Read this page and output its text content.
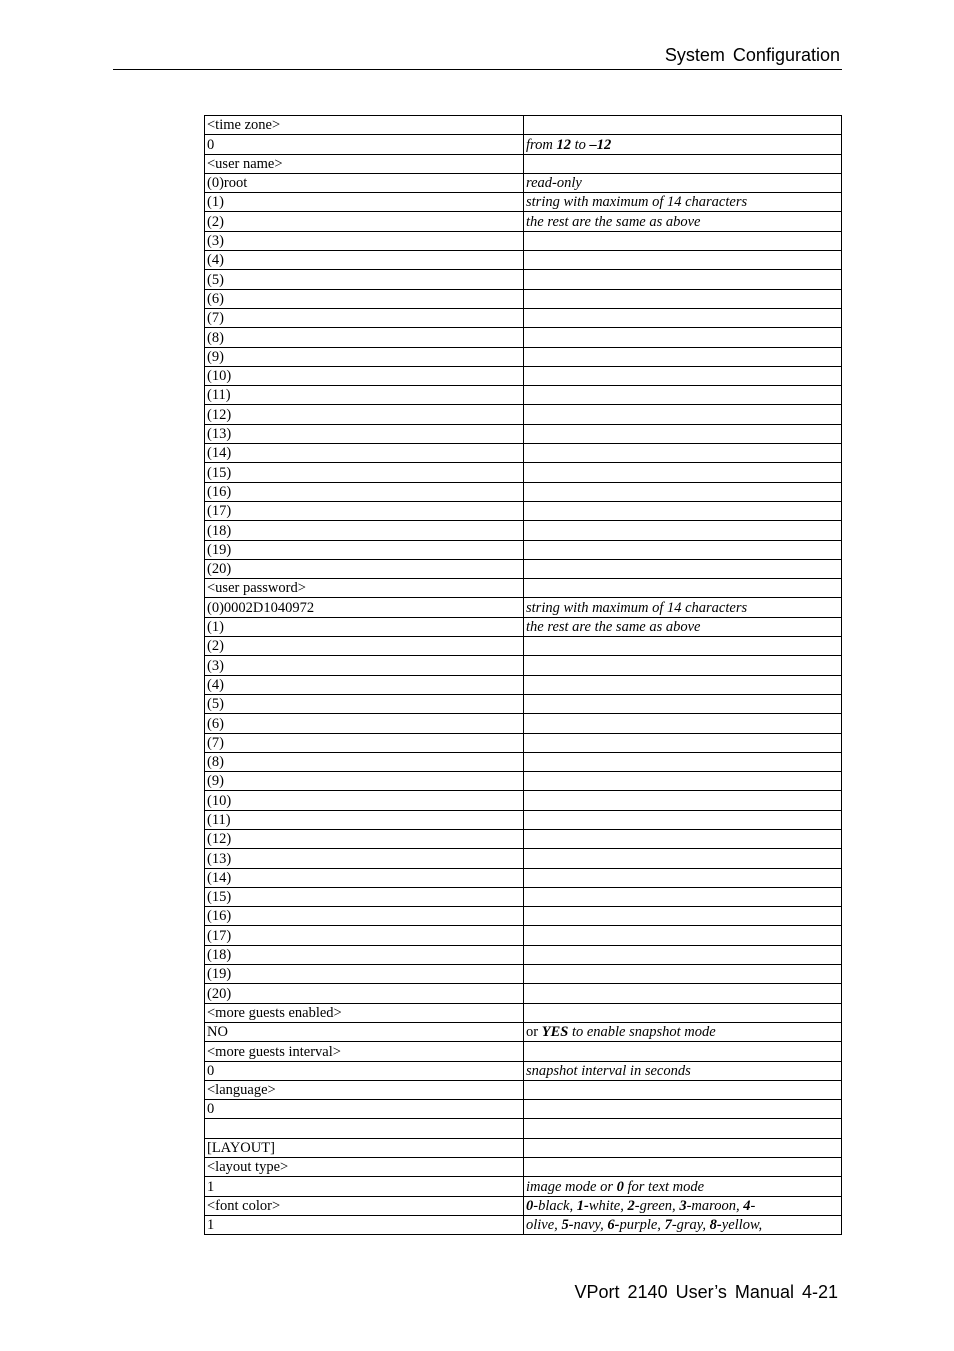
System Configuration
<time zone>	
0	from 12 to –12
<user name>	
(0)root	read-only
(1)	string with maximum of 14 characters
(2)	the rest are the same as above
(3)	
(4)	
(5)	
(6)	
(7)	
(8)	
(9)	
(10)	
(11)	
(12)	
(13)	
(14)	
(15)	
(16)	
(17)	
(18)	
(19)	
(20)	
<user password>	
(0)0002D1040972	string with maximum of 14 characters
(1)	the rest are the same as above
(2)	
(3)	
(4)	
(5)	
(6)	
(7)	
(8)	
(9)	
(10)	
(11)	
(12)	
(13)	
(14)	
(15)	
(16)	
(17)	
(18)	
(19)	
(20)	
<more guests enabled>	
NO	or YES to enable snapshot mode
<more guests interval>	
0	snapshot interval in seconds
<language>	
0	

[LAYOUT]	
<layout type>	
1	image mode or 0 for text mode
<font color>	0-black, 1-white, 2-green, 3-maroon, 4-
1	olive, 5-navy, 6-purple, 7-gray, 8-yellow,
VPort 2140 User’s Manual 4-21
